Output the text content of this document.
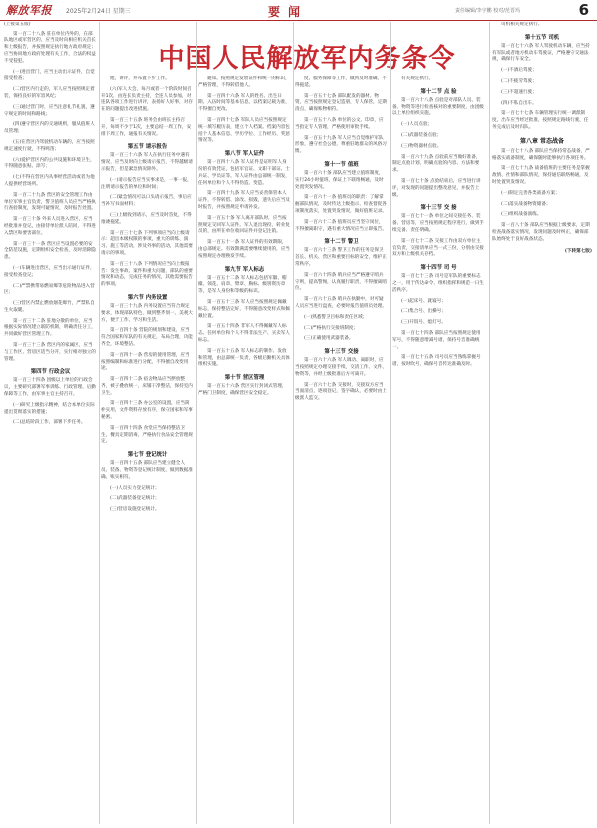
解放军报 2025年2月24日 星期三	要闻	责任编辑/李宇鹏 校对/范晋玛	6
中国人民解放军内务条令
(上接第五版)
第一百二十八条 驻在单位内外的，在部队地区或军营区的，应当及时向相应机关首长和上级报告，并按照规定执行地方政府规定；应当协同地方政府处理有关工作，合法的权益不受侵犯。
(一)进出营门，应当主动出示证件，自觉接受检查；
(二)营区内行走的，军人应当按照规定着装，保持良好的军容风纪；
(三)通过营门时，应当注意礼节礼貌，遵守规定的时间和路线；
(四)遵守营区内的交通规则，服从值班人员管理；
(五)在营区内驾驶机动车辆的，应当按照规定速度行驶，不得鸣笛；
(六)爱护营区内的公共设施和环境卫生，不得随意张贴、涂写；
(七)不得在营区内从事经营活动或者为他人提供经营场所。
第一百二十九条 营区的安全管理工作由单位军事主官负责，警卫值班人员应当严格执行查验制度，发现可疑情况，及时报告处置。
第一百三十条 外来人员进入营区，应当经批准并登记，由接待单位派人陪同，不得进入禁区和要害部位。
第一百三十一条 营区应当设置必要的安全防范设施，定期组织安全检查，及时消除隐患。
(一)车辆进出营区，应当出示通行证件，接受检查登记；
(二)严禁携带易燃易爆等危险物品进入营区；
(三)营区内禁止燃放烟花爆竹，严禁私自生火取暖。
第一百三十二条 驻地分散的单位，应当根据实际情况建立联防机制，明确责任分工，共同做好营区管理工作。
第一百三十三条 营区内的家属区，应当与工作区、营房区适当分开，实行相对独立的管理。
第四节 行政会议
第一百三十四条 团级以上单位的行政会议，主要研究部署军事训练、行政管理、后勤保障等工作，由军事主官主持召开。
(一)研究上级指示精神，结合本单位实际提出贯彻落实的措施；
(二)总结阶段工作，部署下步任务。
他，讲评，并布置下步工作。
(六)军人大会，每月或者一个阶段时间召开1次，由连长负责主持，全连人员参加，对连队各项工作进行讲评，表扬好人好事，对存在的问题提出改进措施。
第一百三十五条 班务会由班长主持召开，每周不少于1次，主要总结一周工作，安排下周工作，通报有关情况。
第五节 请示报告
第一百三十六条 军人在执行任务中遇有情况，应当及时向上级请示报告，不得越级请示报告，但是紧急情况除外。
(一)请示报告应当实事求是，一事一报，注明请示报告的单位和时间；
(二)紧急情况可以口头请示报告，事后应当补写书面材料；
(三)上级收到请示，应当及时答复，不得推诿拖延。
第一百三十七条 下列事项应当向上级请示：超出本级权限的事项，重大的训练、演习、施工等活动，涉及外事的活动，其他需要请示的事项。
第一百三十八条 下列情况应当向上级报告：发生事故、案件和重大问题，部队的重要情况和动态，完成任务的情况，其他需要报告的事项。
第六节 内务设置
第一百三十九条 内务设置应当符合规定要求，体现部队特色，做到整齐划一、美观大方，便于工作、学习和生活。
第一百四十条 营院的规划和建设，应当符合国家和军队的有关规定，布局合理，功能齐全，环境整洁。
第一百四十一条 营房的使用管理，应当按照编制和标准进行分配，不得擅自改变用途。
第一百四十二条 宿舍物品应当摆放整齐，被子叠放统一，床铺干净整洁，保持室内卫生。
第一百四十三条 办公室的设置，应当简朴实用，文件资料存放有序，保守国家和军事秘密。
第一百四十四条 食堂应当保持整洁卫生，餐具定期消毒，严格执行食品安全管理规定。
第七节 登记统计
第一百四十五条 部队应当建立健全人员、装备、物资等登记统计制度，做到数据准确、账实相符。
(一)人员实力登记统计；
(二)武器装备登记统计；
(三)营房设施登记统计。
通知。按照规定发放证件和统一的标识，严格管理，不得转借他人。
第一百四十六条 军人的姓名、出生日期、入伍时间等基本信息，以档案记载为准，不得擅自更改。
第一百四十七条 军队人员应当按照规定统一填写履历表，建立个人档案。档案内容包括个人基本信息、学历学位、工作经历、奖惩情况等。
第八节 军人证件
第一百四十八条 军人证件是证明军人身份的有效凭证，包括军官证、文职干部证、士兵证、学员证等。军人证件由总部统一制发，任何单位和个人不得伪造、变造。
第一百四十九条 军人应当妥善保管本人证件，不得转借、涂改、损毁，遗失后应当及时报告，并按照规定申请补发。
第一百五十条 军人离开部队时，应当按照规定交回军人证件。军人退出现役、转业复员的，由所在单位收回证件并登记注销。
第一百五十一条 军人证件的有效期限，由总部规定。有效期满需要继续使用的，应当按照规定办理换发手续。
第九节 军人标志
第一百五十二条 军人标志包括军徽、帽徽、领花、肩章、臂章、胸标、级别资历章等，是军人身份和等级的标识。
第一百五十三条 军人应当按照规定佩戴标志，保持整洁完好，不得随意改变样式和佩戴位置。
第一百五十四条 非军人不得佩戴军人标志。任何单位和个人不得非法生产、买卖军人标志。
第一百五十五条 军人标志的制作、发放和管理，由总部统一负责，各级后勤机关具体组织实施。
第十节 营区管理
第一百五十六条 营区实行封闭式管理，严格门卫制度，确保营区安全稳定。
度、服务保障等工作，做到及时准确，不得拖延。
第一百五十七条 部队配发的器材、物资，应当按照规定登记造册，专人保管，定期清点，确保账物相符。
第一百五十八条 单位的公文、印章，应当指定专人管理，严格使用审批手续。
第一百五十九条 军人应当自觉维护军队形象，遵守社会公德，尊重驻地群众的风俗习惯。
第十一节 值班
第一百六十条 部队应当建立值班制度，实行24小时值班，保证上下联络畅通，及时处置突发情况。
第一百六十一条 值班员的职责：了解掌握部队情况，及时传达上级指示，检查督促各项制度落实，处置突发情况，做好值班记录。
第一百六十二条 值班员应当坚守岗位，不得擅离职守，遇有重大情况应当立即报告。
第十二节 警卫
第一百六十三条 警卫工作的任务是保卫首长、机关、营区和重要目标的安全，维护正常秩序。
第一百六十四条 哨兵应当严格遵守哨兵守则，提高警惕，认真履行职责，不得擅离哨位。
第一百六十五条 哨兵在执勤中，对可疑人员应当进行盘查，必要时报告值班员处理。
(一)熟悉警卫目标和责任区域；
(二)严格执行交接班制度；
(三)正确使用武器装备。
第十三节 交接
第一百六十六条 军人调动、离职时，应当按照规定办理交接手续，交清工作、文件、物资等，并经上级批准后方可离开。
第一百六十七条 交接时，交接双方应当当面清点，逐项登记，签字确认，必要时由上级派人监交。
有关规定执行。
第十二节 点 验
第一百六十八条 点验是对部队人员、装备、物资等进行检查核对的重要制度，由团级以上单位组织实施。
(一)人员点验；
(二)武器装备点验；
(三)物资器材点验。
第一百六十九条 点验前应当做好准备，制定点验计划，明确点验的内容、方法和要求。
第一百七十条 点验结束后，应当进行讲评，对发现的问题提出整改意见，并报告上级。
第十三节 交 接
第一百七十一条 单位之间交接任务、装备、营房等，应当按照规定程序进行，做到手续完备、责任明确。
第一百七十二条 交接工作由双方单位主官负责，交接清单应当一式三份，分别由交接双方和上级机关存档。
第十四节 司 号
第一百七十三条 司号是军队的重要标志之一，用于传达命令、组织指挥和规范一日生活秩序。
(一)起床号、就寝号；
(二)集合号、出操号；
(三)开饭号、熄灯号。
第一百七十四条 部队应当按照规定使用军号，不得随意增减号谱，保持号音准确统一。
第一百七十五条 司号员应当熟练掌握号谱，按时吹号，确保号音传达准确及时。
司机相关规定执行。
第十五节 司机
第一百七十六条 军人驾驶机动车辆，应当持有军队或者地方机动车驾驶证，严格遵守交通法规，确保行车安全。
(一)不酒后驾驶；
(二)不疲劳驾驶；
(三)不超速行驶；
(四)不私自出车。
第一百七十七条 车辆管理实行统一调派制度，出车应当经过批准，按照规定路线行驶，任务完成后及时归队。
第八章 常态战备
第一百七十八条 部队应当保持常态战备，严格落实战备制度，确保随时能够执行各项任务。
第一百七十九条 战备值班的主要任务是掌握敌情、社情和部队情况，保持通信联络畅通，及时处置突发情况。
(一)制定完善各类战备方案；
(二)落实战备物资储备；
(三)组织战备演练。
第一百八十条 部队应当根据上级要求，定期检查战备落实情况，发现问题及时纠正，确保部队始终处于良好战备状态。
(下转第七版)
